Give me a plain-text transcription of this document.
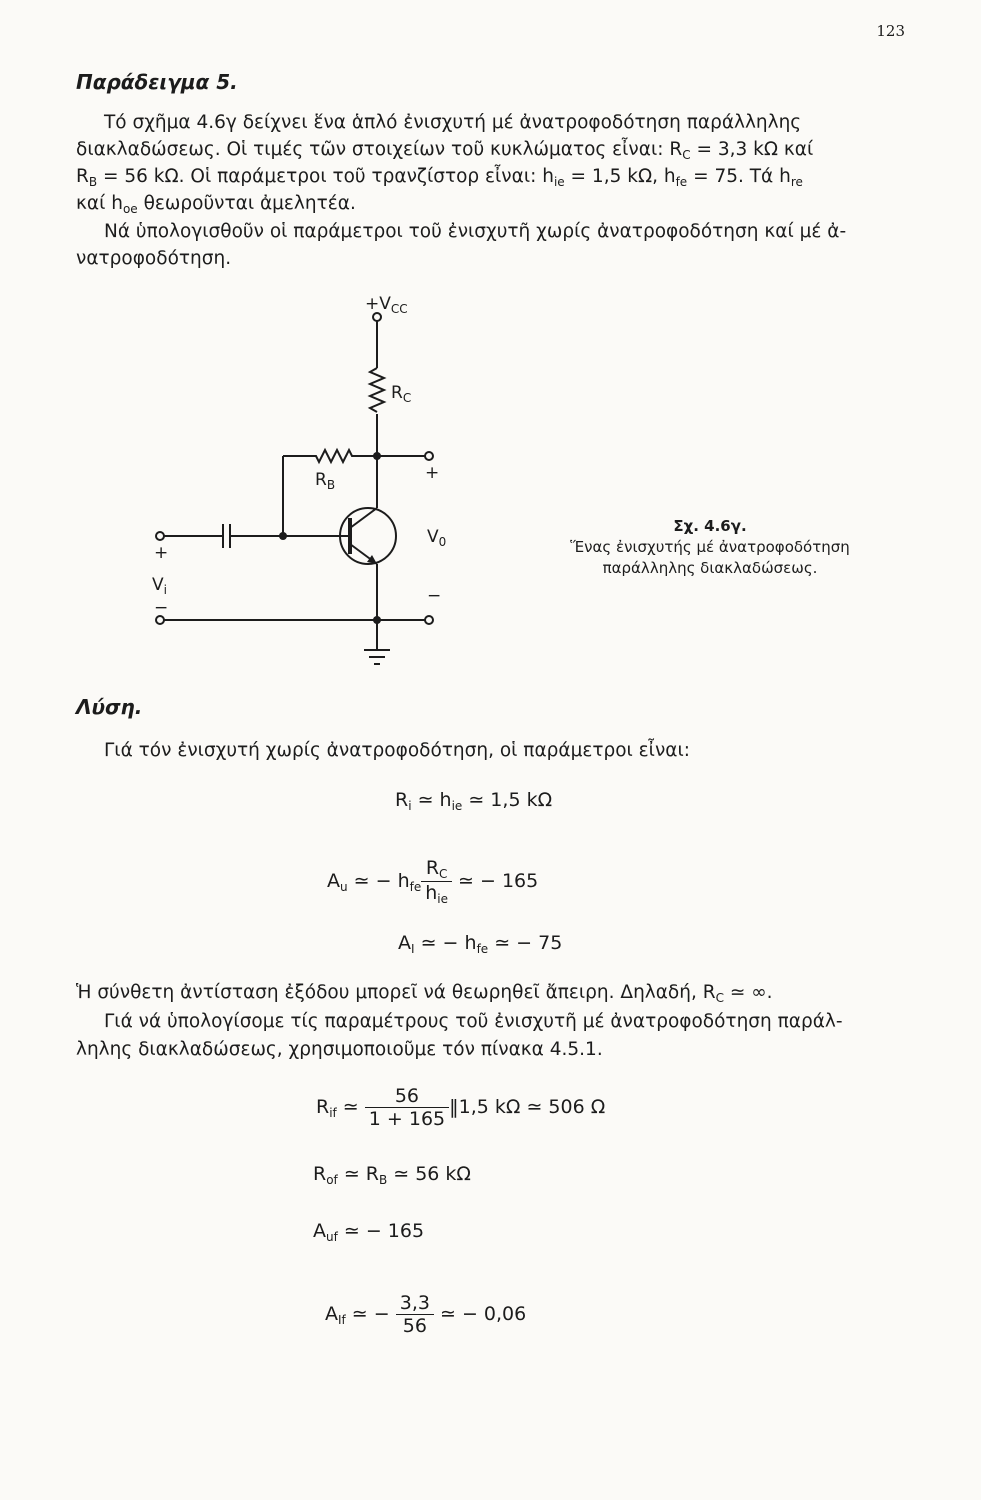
123
Παράδειγμα 5.
Τό σχῆμα 4.6γ δείχνει ἕνα ἁπλό ἐνισχυτή μέ ἀνατροφοδότηση παράλληλης
διακλαδώσεως. Οἱ τιμές τῶν στοιχείων τοῦ κυκλώματος εἶναι: $R_C = 3,3$ kΩ καί
$R_B = 56$ kΩ. Οἱ παράμετροι τοῦ τρανζίστορ εἶναι: $h_{ie} = 1,5$ kΩ, $h_{fe} = 75$. Τά $h_{re}$
καί $h_{oe}$ θεωροῦνται ἀμελητέα.
Νά ὑπολογισθοῦν οἱ παράμετροι τοῦ ἐνισχυτῆ χωρίς ἀνατροφοδότηση καί μέ ἀ-
νατροφοδότηση.
$+V_{CC}$
$R_C$
$R_B$
+
$V_0$
−
+
$V_i$
−
Σχ. 4.6γ.
Ἕνας ἐνισχυτής μέ ἀνατροφοδότηση
παράλληλης διακλαδώσεως.
Λύση.
Γιά τόν ἐνισχυτή χωρίς ἀνατροφοδότηση, οἱ παράμετροι εἶναι:
$R_i$ ≃ $h_{ie}$ ≃ 1,5 kΩ
$A_u$ ≃ − $h_{fe} \frac{R_C}{h_{ie}}$ ≃ − 165
$A_I$ ≃ − $h_{fe}$ ≃ − 75
Ἡ σύνθετη ἀντίσταση ἐξόδου μπορεῖ νά θεωρηθεῖ ἄπειρη. Δηλαδή, $R_C$ ≃ ∞.
Γιά νά ὑπολογίσομε τίς παραμέτρους τοῦ ἐνισχυτῆ μέ ἀνατροφοδότηση παράλ-
ληλης διακλαδώσεως, χρησιμοποιοῦμε τόν πίνακα 4.5.1.
$R_{if}$ ≃ $\frac{56}{1 + 165}$ ‖1,5 kΩ ≃ 506 Ω
$R_{of}$ ≃ $R_B$ ≃ 56 kΩ
$A_{uf}$ ≃ − 165
$A_{If}$ ≃ − $\frac{3,3}{56}$ ≃ − 0,06
